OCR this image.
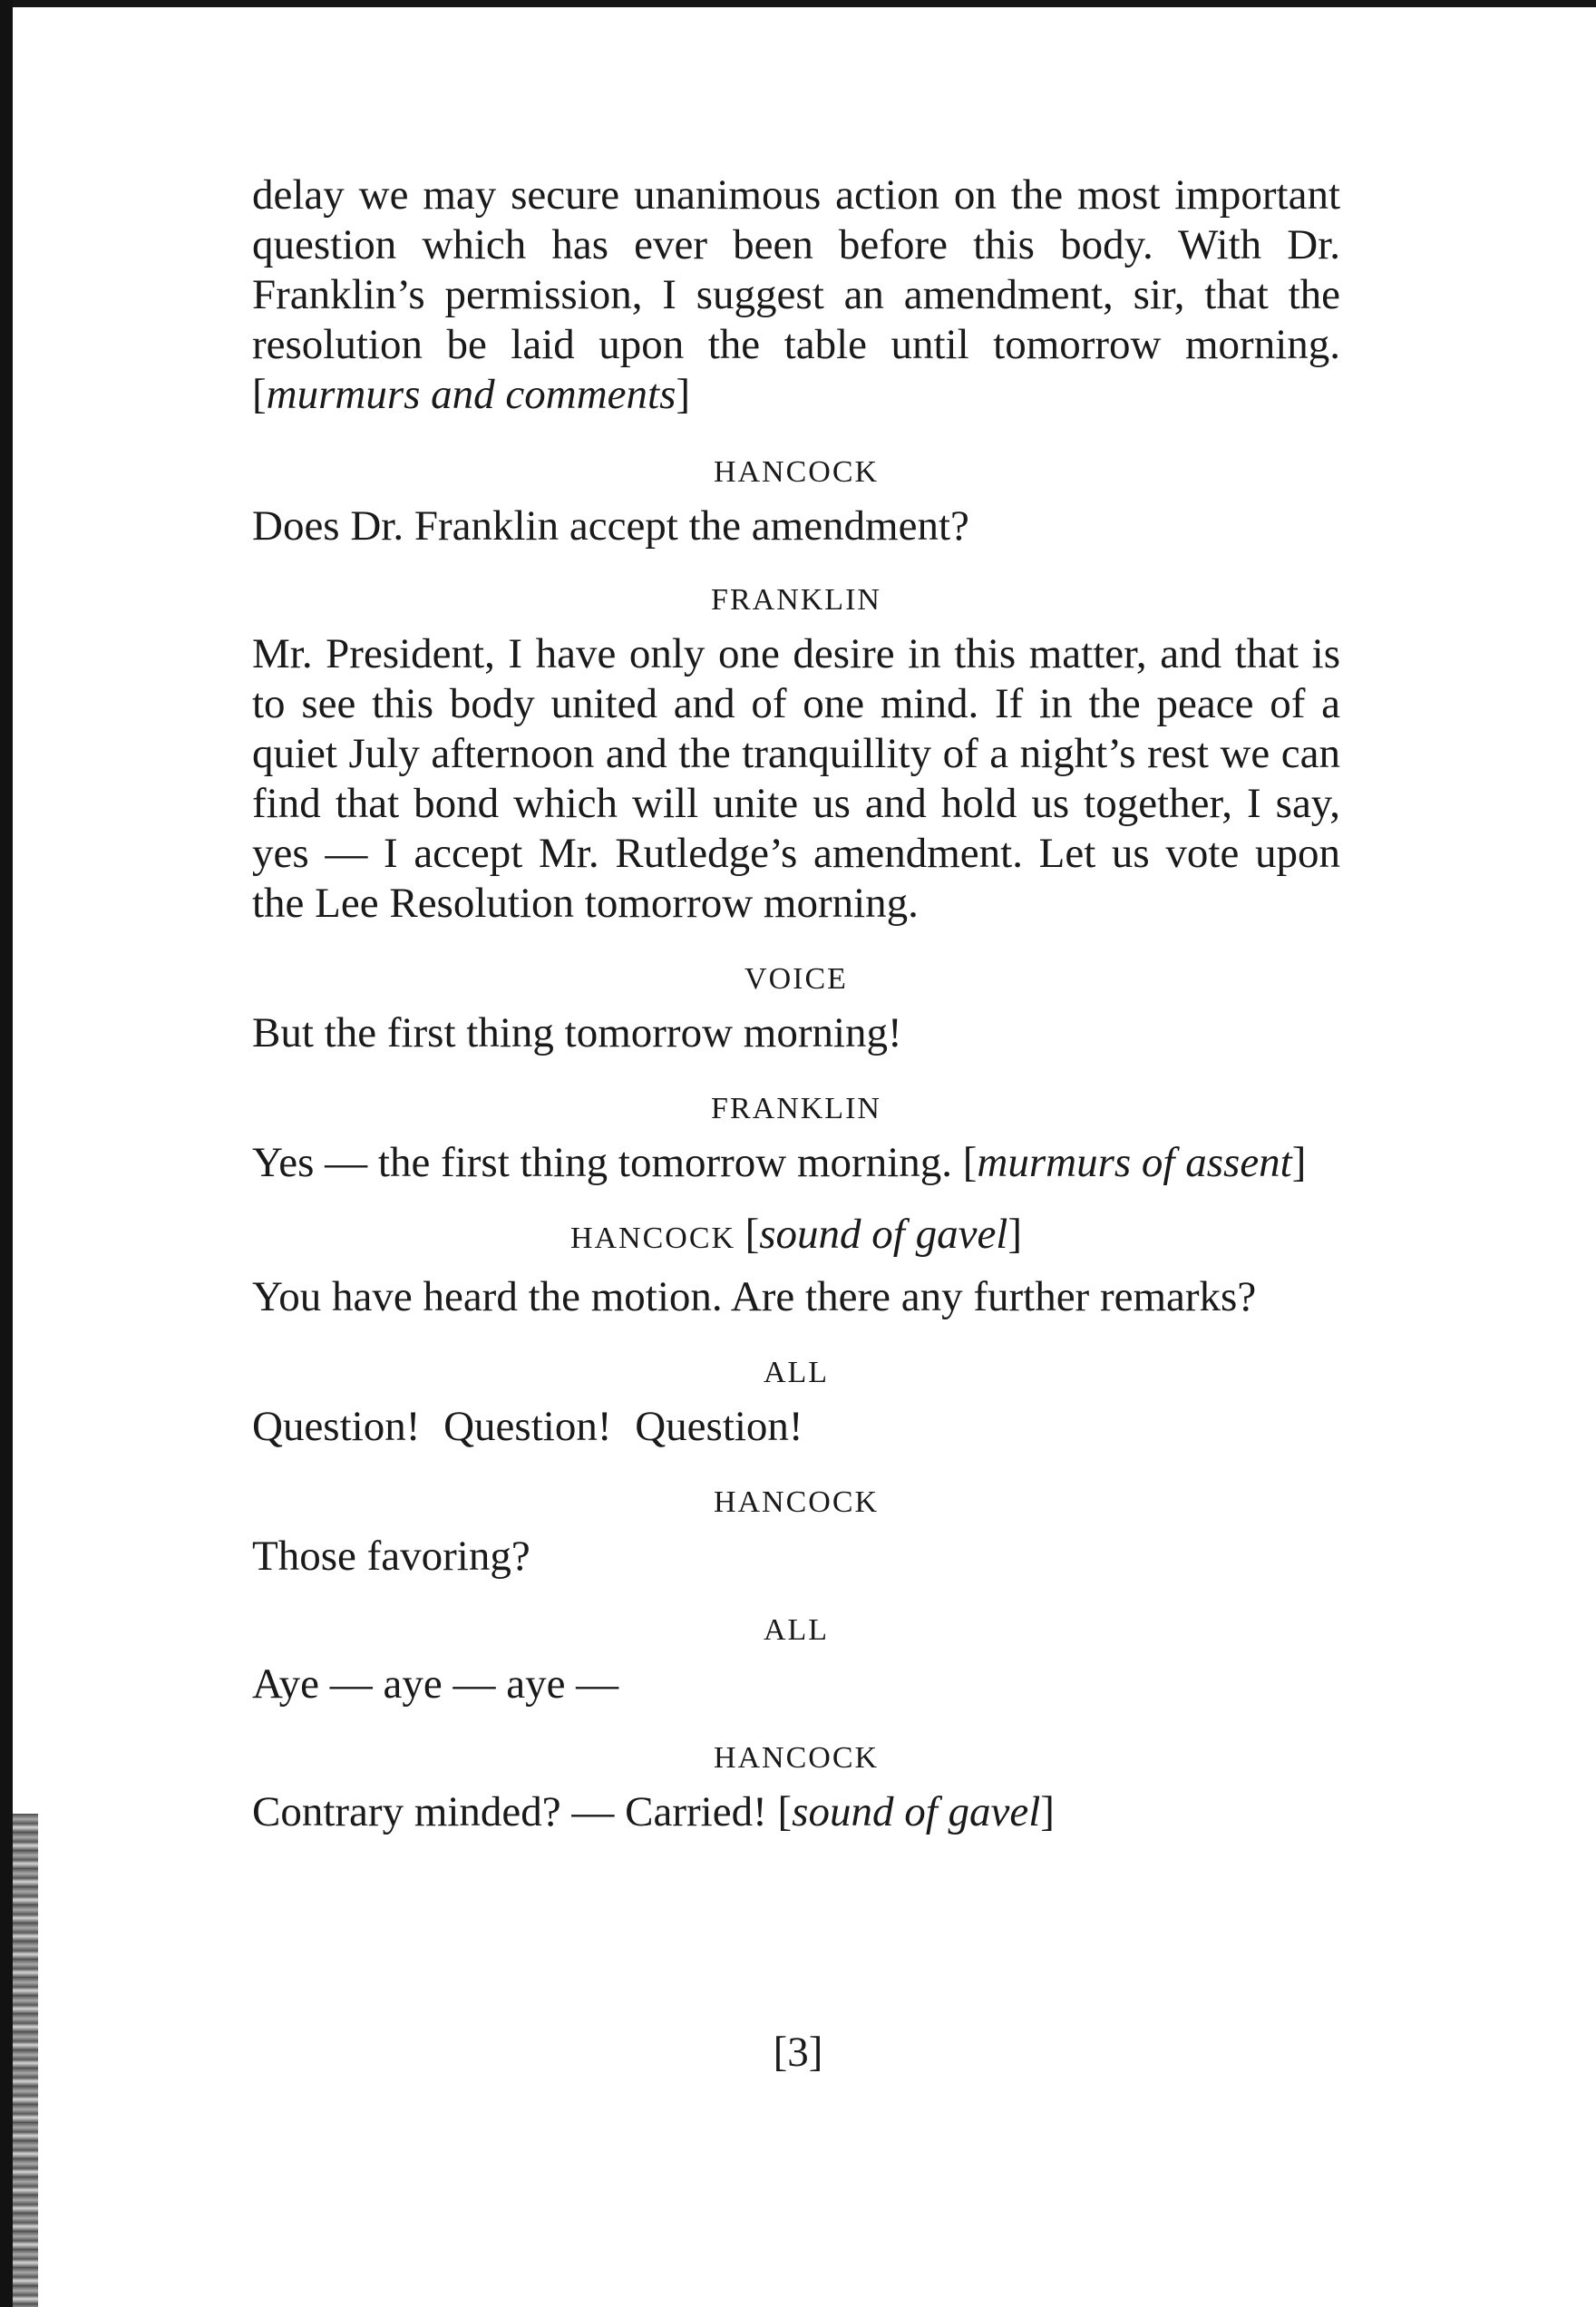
delay we may secure unanimous action on the most important question which has ever been before this body. With Dr. Franklin’s permission, I suggest an amendment, sir, that the resolution be laid upon the table until tomorrow morning. [murmurs and comments]

HANCOCK

Does Dr. Franklin accept the amendment?

FRANKLIN

Mr. President, I have only one desire in this matter, and that is to see this body united and of one mind. If in the peace of a quiet July afternoon and the tranquillity of a night’s rest we can find that bond which will unite us and hold us together, I say, yes — I accept Mr. Rutledge’s amendment. Let us vote upon the Lee Resolution tomorrow morning.

VOICE

But the first thing tomorrow morning!

FRANKLIN

Yes — the first thing tomorrow morning. [murmurs of assent]

HANCOCK [sound of gavel]

You have heard the motion. Are there any further remarks?

ALL

Question! Question! Question!

HANCOCK

Those favoring?

ALL

Aye — aye — aye —

HANCOCK

Contrary minded? — Carried! [sound of gavel]

[3]
